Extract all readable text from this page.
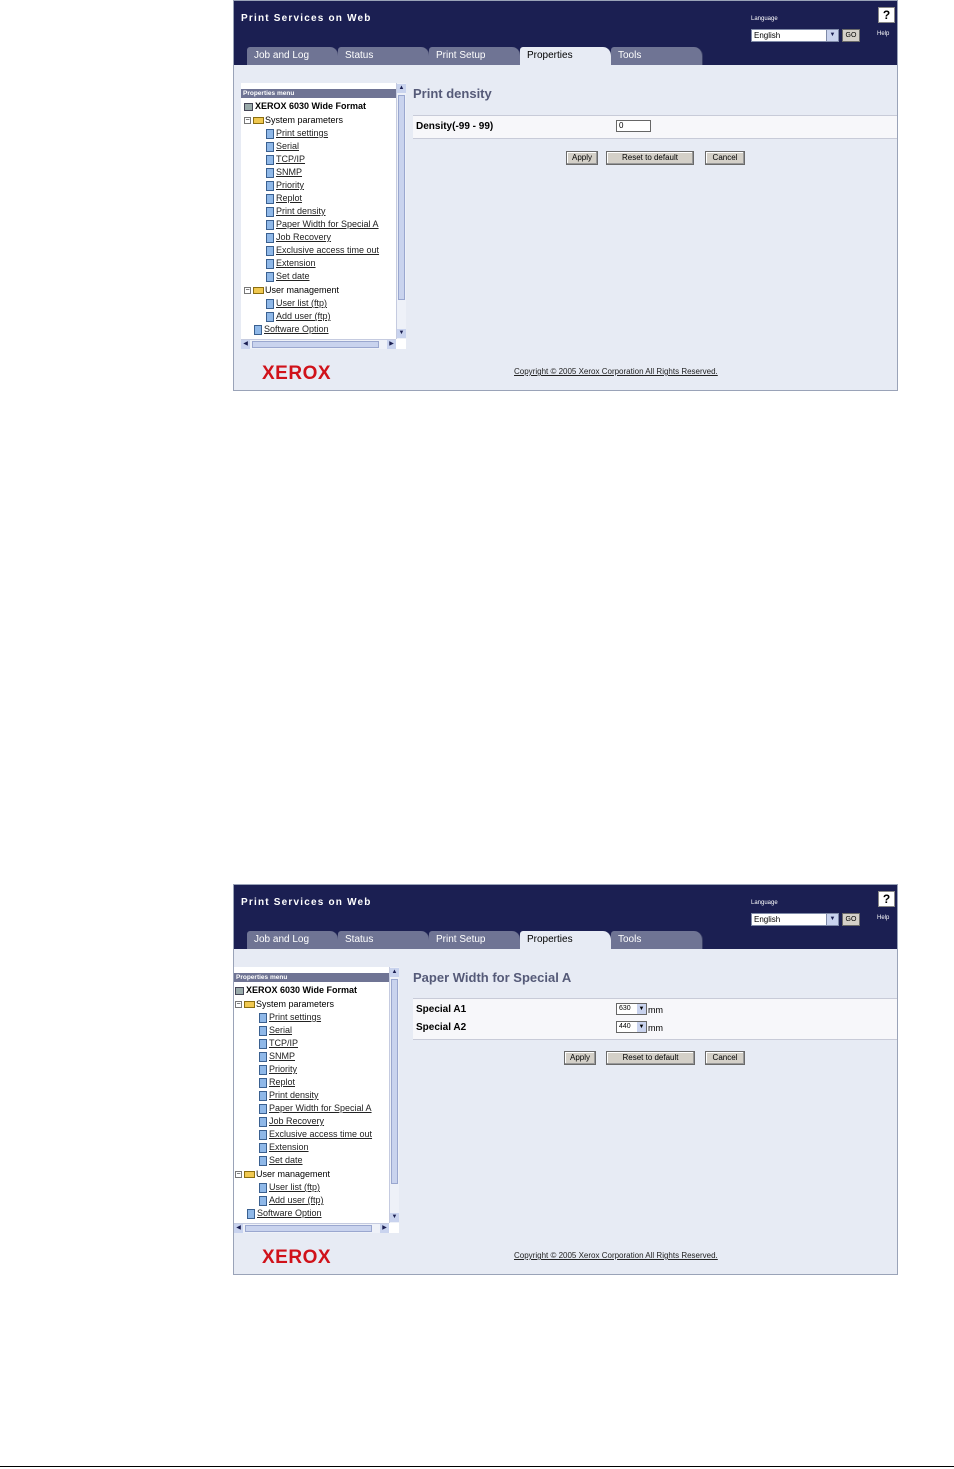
Print Services on Web	Language
English	▼	GO
?
Help
Job and Log	Status	Print Setup	Properties	Tools
Properties menu
XEROX 6030 Wide Format
− System parameters
Print settings
Serial
TCP/IP
SNMP
Priority
Replot
Print density
Paper Width for Special A
Job Recovery
Exclusive access time out
Extension
Set date
− User management
User list (ftp)
Add user (ftp)
Software Option
▲
▼
◀	▶
Print density
Density(-99 - 99)	0
Apply	Reset to default	Cancel
XEROX	Copyright © 2005 Xerox Corporation All Rights Reserved.
Print Services on Web	Language
English	▼	GO
?
Help
Job and Log	Status	Print Setup	Properties	Tools
Properties menu
XEROX 6030 Wide Format
− System parameters
Print settings
Serial
TCP/IP
SNMP
Priority
Replot
Print density
Paper Width for Special A
Job Recovery
Exclusive access time out
Extension
Set date
− User management
User list (ftp)
Add user (ftp)
Software Option
▲
▼
◀	▶
Paper Width for Special A
Special A1	630 ▼ mm
Special A2	440 ▼ mm
Apply	Reset to default	Cancel
XEROX	Copyright © 2005 Xerox Corporation All Rights Reserved.
